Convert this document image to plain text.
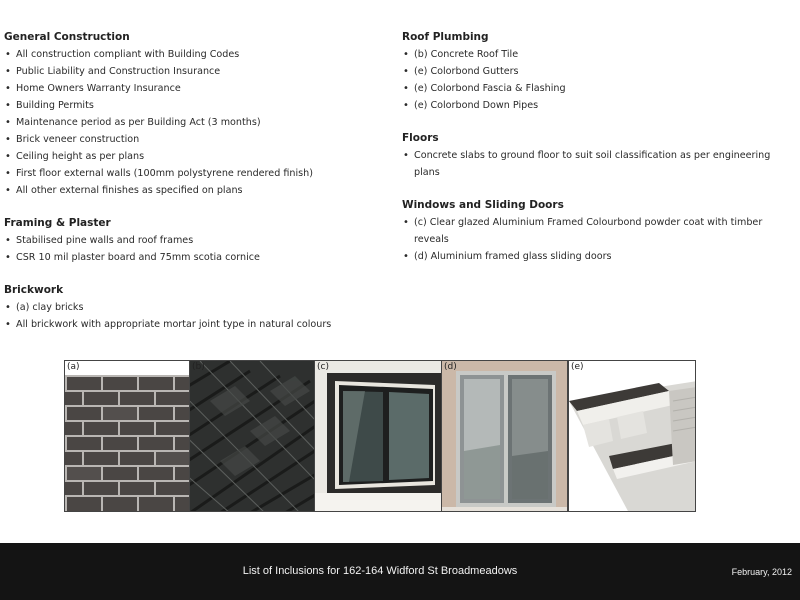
General Construction
• All construction compliant with Building Codes
• Public Liability and Construction Insurance
• Home Owners Warranty Insurance
• Building Permits
• Maintenance period as per Building Act (3 months)
• Brick veneer construction
• Ceiling height as per plans
• First floor external walls (100mm polystyrene rendered finish)
• All other external finishes as specified on plans
Framing & Plaster
• Stabilised pine walls and roof frames
• CSR 10 mil plaster board and 75mm scotia cornice
Brickwork
• (a) clay bricks
• All brickwork with appropriate mortar joint type in natural colours
Roof Plumbing
• (b) Concrete Roof Tile
• (e) Colorbond Gutters
• (e) Colorbond Fascia & Flashing
• (e) Colorbond Down Pipes
Floors
• Concrete slabs to ground floor to suit soil classification as per engineering plans
Windows and Sliding Doors
• (c) Clear glazed Aluminium Framed Colourbond powder coat with timber reveals
• (d) Aluminium framed glass sliding doors
(a)	(b)	(c)	(d)	(e)
List of Inclusions for 162-164 Widford St Broadmeadows	February, 2012
